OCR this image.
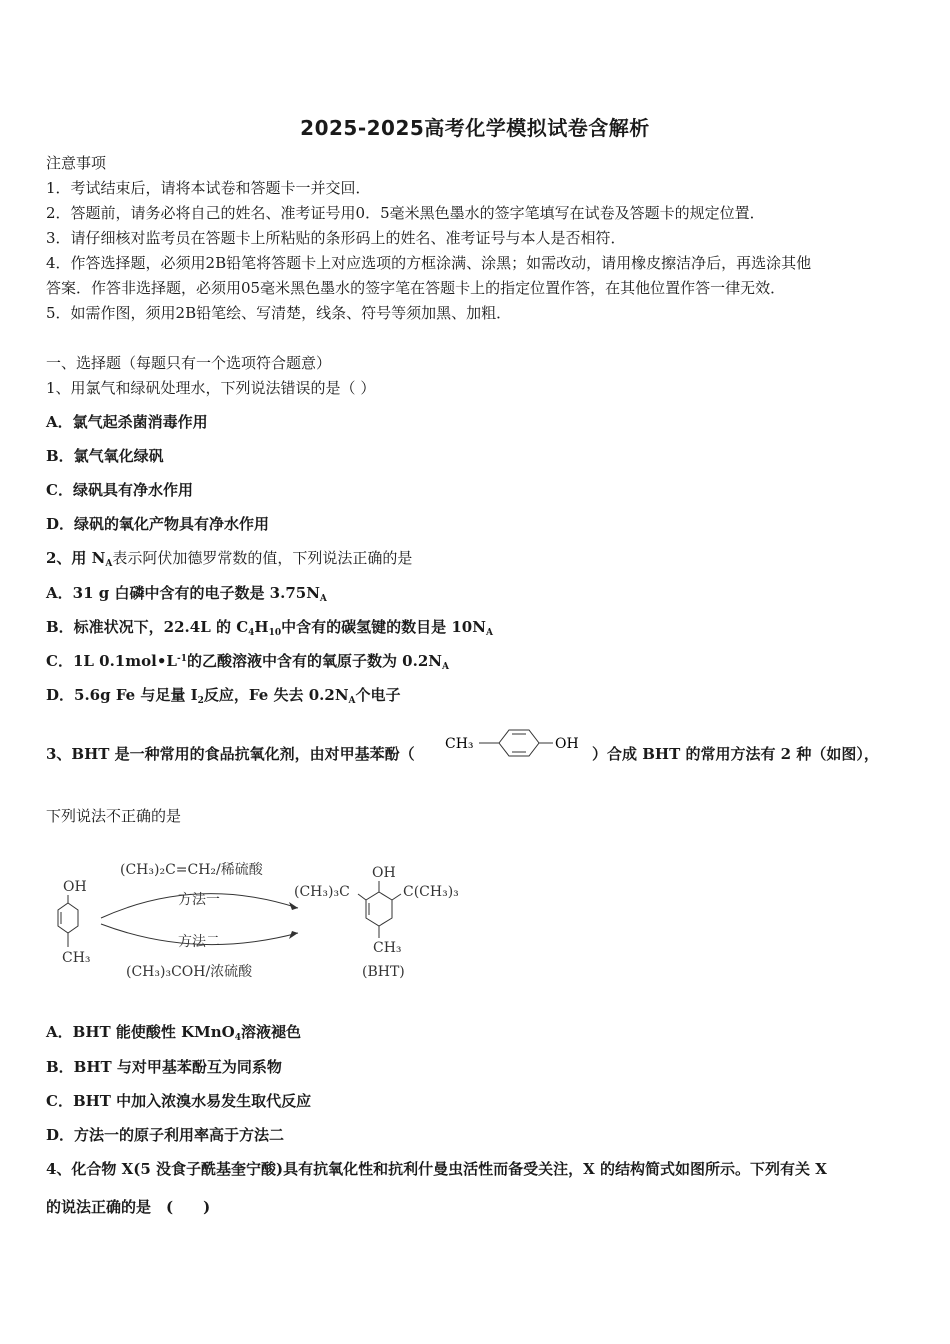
2025-2025高考化学模拟试卷含解析
注意事项
1．考试结束后，请将本试卷和答题卡一并交回．
2．答题前，请务必将自己的姓名、准考证号用0．5毫米黑色墨水的签字笔填写在试卷及答题卡的规定位置．
3．请仔细核对监考员在答题卡上所粘贴的条形码上的姓名、准考证号与本人是否相符．
4．作答选择题，必须用2B铅笔将答题卡上对应选项的方框涂满、涂黑；如需改动，请用橡皮擦洁净后，再选涂其他
答案．作答非选择题，必须用05毫米黑色墨水的签字笔在答题卡上的指定位置作答，在其他位置作答一律无效．
5．如需作图，须用2B铅笔绘、写清楚，线条、符号等须加黑、加粗．
一、选择题（每题只有一个选项符合题意）
1、用氯气和绿矾处理水，下列说法错误的是（ ）
A．氯气起杀菌消毒作用
B．氯气氧化绿矾
C．绿矾具有净水作用
D．绿矾的氧化产物具有净水作用
2、用 $N_A$表示阿伏加德罗常数的值，下列说法正确的是
A．31 g 白磷中含有的电子数是 $3.75N_A$
B．标准状况下，22.4L 的 $C_4H_{10}$中含有的碳氢键的数目是 $10N_A$
C．1L $0.1mol•L^{-1}$的乙酸溶液中含有的氧原子数为 $0.2N_A$
D．5.6g Fe 与足量 $I_2$反应，Fe 失去 $0.2N_A$个电子
3、BHT 是一种常用的食品抗氧化剂，由对甲基苯酚（
CH₃	OH
）合成 BHT 的常用方法有 2 种（如图），
下列说法不正确的是
OH
CH₃
(CH₃)₂C=CH₂/稀硫酸
方法一
方法二
(CH₃)₃COH/浓硫酸
OH
(CH₃)₃C	C(CH₃)₃
CH₃
(BHT)
A．BHT 能使酸性 KMnO$_4$溶液褪色
B．BHT 与对甲基苯酚互为同系物
C．BHT 中加入浓溴水易发生取代反应
D．方法一的原子利用率高于方法二
4、化合物 X(5 没食子酰基奎宁酸)具有抗氧化性和抗利什曼虫活性而备受关注，X 的结构简式如图所示。下列有关 X
的说法正确的是　(　　)
